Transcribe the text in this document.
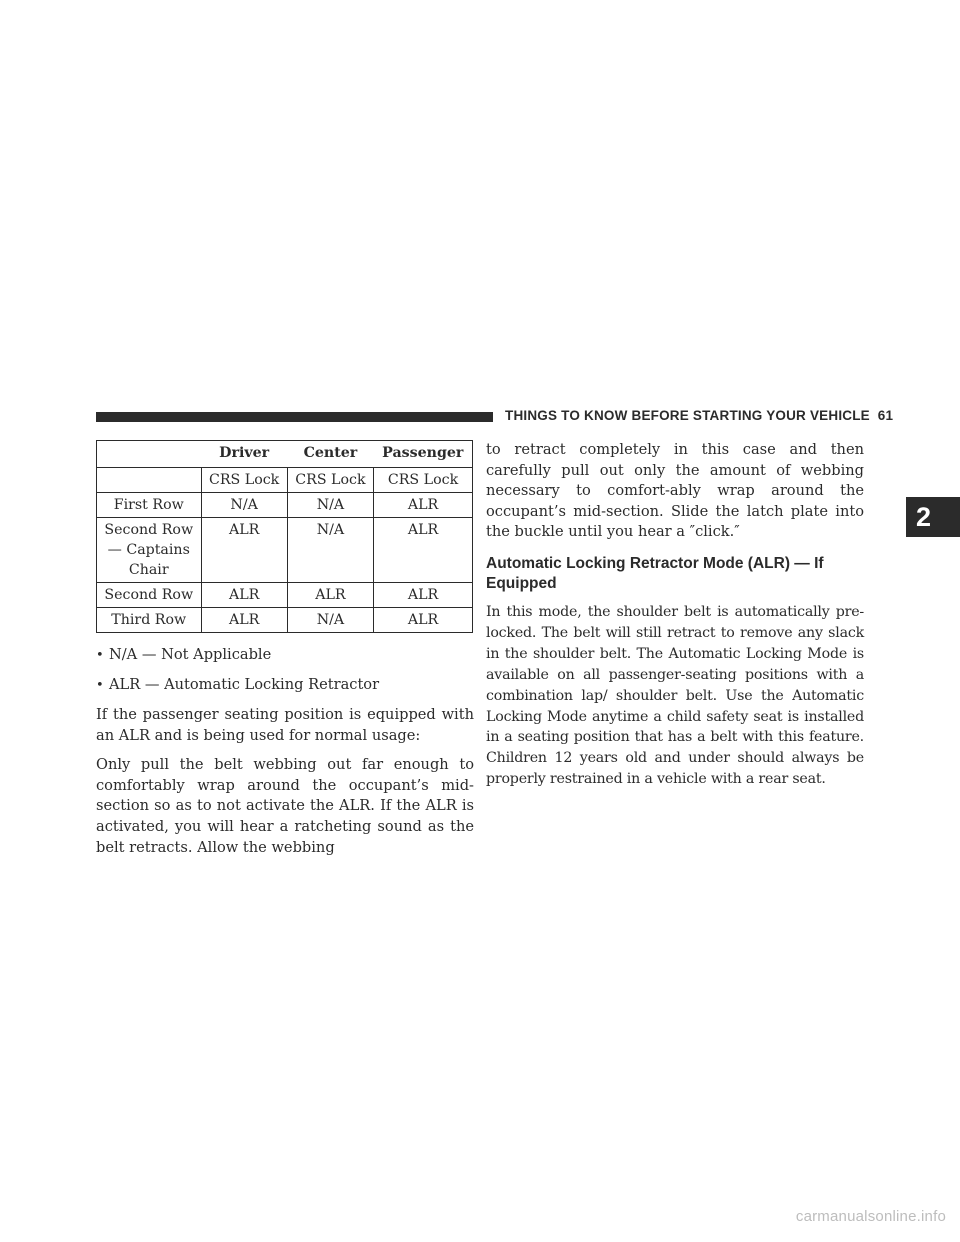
THINGS TO KNOW BEFORE STARTING YOUR VEHICLE 61
2
	Driver	Center	Passenger
	CRS Lock	CRS Lock	CRS Lock
First Row	N/A	N/A	ALR

Second Row
— Captains
Chair	ALR	N/A	ALR
Second Row	ALR	ALR	ALR
Third Row	ALR	N/A	ALR
• N/A — Not Applicable
• ALR — Automatic Locking Retractor

If the passenger seating position is equipped with an ALR and is being used for normal usage:

Only pull the belt webbing out far enough to comfortably wrap around the occupant’s mid-section so as to not activate the ALR. If the ALR is activated, you will hear a ratcheting sound as the belt retracts. Allow the webbing

to retract completely in this case and then carefully pull out only the amount of webbing necessary to comfort-ably wrap around the occupant’s mid-section. Slide the latch plate into the buckle until you hear a ″click.″

Automatic Locking Retractor Mode (ALR) — If Equipped

In this mode, the shoulder belt is automatically pre-locked. The belt will still retract to remove any slack in the shoulder belt. The Automatic Locking Mode is available on all passenger-seating positions with a combination lap/ shoulder belt. Use the Automatic Locking Mode anytime a child safety seat is installed in a seating position that has a belt with this feature. Children 12 years old and under should always be properly restrained in a vehicle with a rear seat.

carmanualsonline.info
